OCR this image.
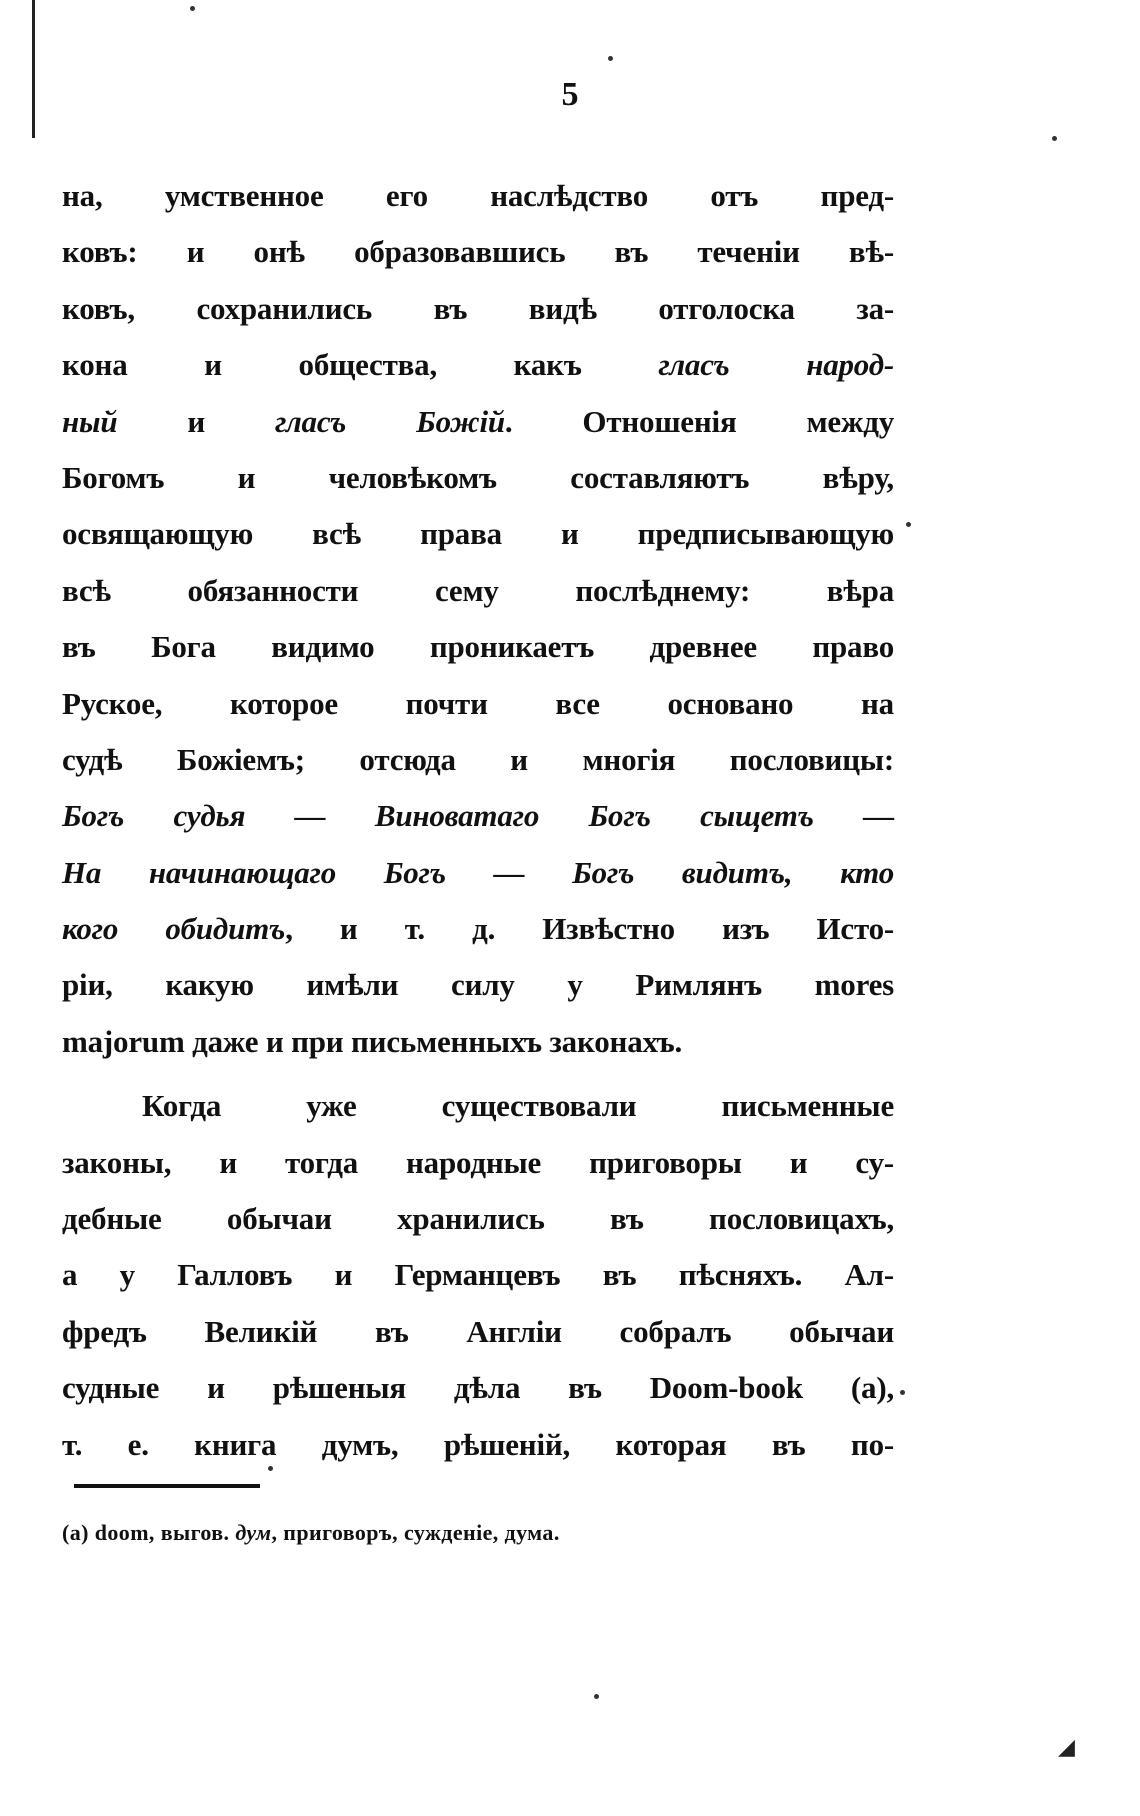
◢
5
на, умственное его наслѣдство отъ пред-
ковъ: и онѣ образовавшись въ теченіи вѣ-
ковъ, сохранились въ видѣ отголоска за-
кона и общества, какъ гласъ народ-
ный и гласъ Божій. Отношенія между
Богомъ и человѣкомъ составляютъ вѣру,
освящающую всѣ права и предписывающую
всѣ обязанности сему послѣднему: вѣра
въ Бога видимо проникаетъ древнее право
Руское, которое почти все основано на
судѣ Божіемъ; отсюда и многія пословицы:
Богъ судья — Виноватаго Богъ сыщетъ —
На начинающаго Богъ — Богъ видитъ, кто
кого обидитъ, и т. д. Извѣстно изъ Исто-
ріи, какую имѣли силу у Римлянъ mores
majorum даже и при письменныхъ законахъ.
Когда уже существовали письменные
законы, и тогда народные приговоры и су-
дебные обычаи хранились въ пословицахъ,
а у Галловъ и Германцевъ въ пѣсняхъ. Ал-
фредъ Великій въ Англіи собралъ обычаи
судные и рѣшеныя дѣла въ Doom-book (а),
т. е. книга думъ, рѣшеній, которая въ по-
(а) doom, выгов. дум, приговоръ, сужденіе, дума.
